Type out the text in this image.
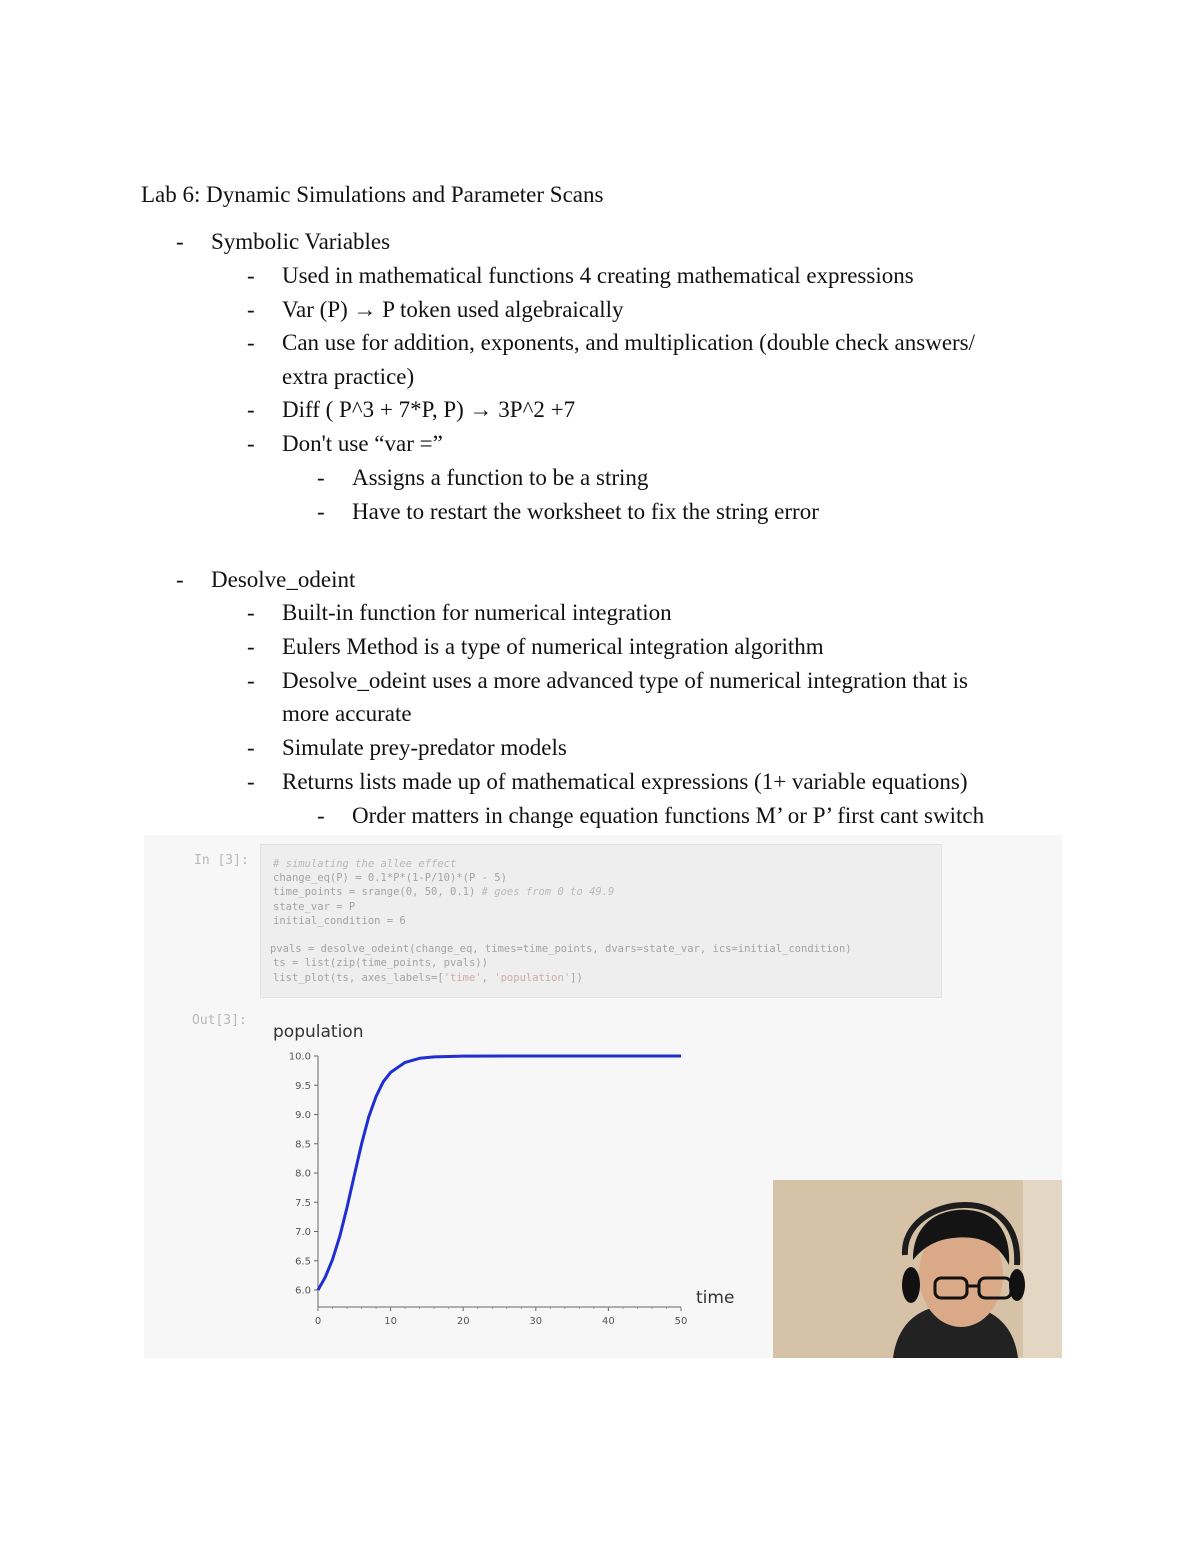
Lab 6: Dynamic Simulations and Parameter Scans
- Symbolic Variables
- Used in mathematical functions 4 creating mathematical expressions
- Var (P) → P token used algebraically
- Can use for addition, exponents, and multiplication (double check answers/
extra practice)
- Diff ( P^3 + 7*P, P) → 3P^2 +7
- Don't use “var =”
- Assigns a function to be a string
- Have to restart the worksheet to fix the string error
- Desolve_odeint
- Built-in function for numerical integration
- Eulers Method is a type of numerical integration algorithm
- Desolve_odeint uses a more advanced type of numerical integration that is
more accurate
- Simulate prey-predator models
- Returns lists made up of mathematical expressions (1+ variable equations)
- Order matters in change equation functions M’ or P’ first cant switch
In [3]: # simulating the allee effect
change_eq(P) = 0.1*P*(1-P/10)*(P - 5)
time_points = srange(0, 50, 0.1) # goes from 0 to 49.9
state_var = P
initial_condition = 6
pvals = desolve_odeint(change_eq, times=time_points, dvars=state_var, ics=initial_condition)
ts = list(zip(time_points, pvals))
list_plot(ts, axes_labels=['time', 'population'])
Out[3]:
population
time
6.0
6.5
7.0
7.5
8.0
8.5
9.0
9.5
10.0
0	10	20	30	40	50
